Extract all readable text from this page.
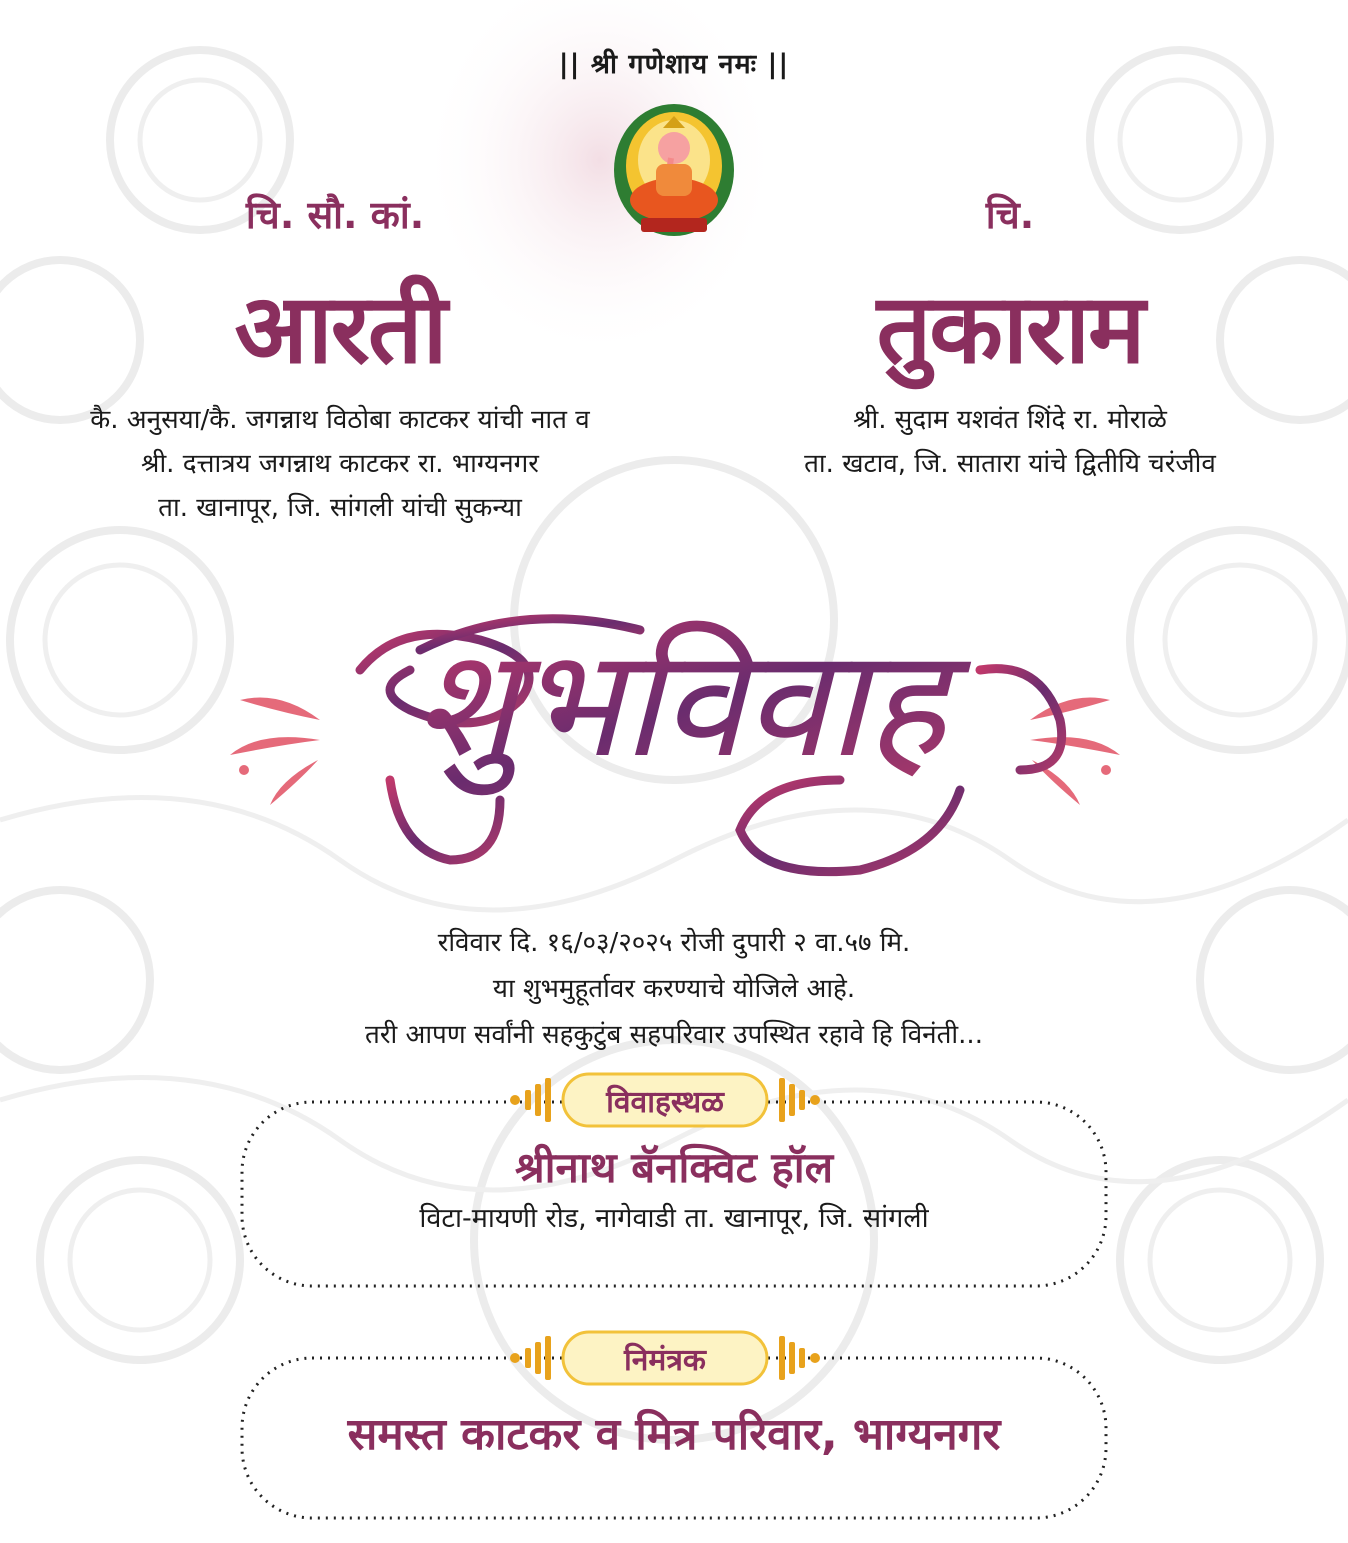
|| श्री गणेशाय नमः ||
चि. सौ. कां.	चि.
आरती	तुकाराम
कै. अनुसया/कै. जगन्नाथ विठोबा काटकर यांची नात व
श्री. दत्तात्रय जगन्नाथ काटकर रा. भाग्यनगर
ता. खानापूर, जि. सांगली यांची सुकन्या
श्री. सुदाम यशवंत शिंदे रा. मोराळे
ता. खटाव, जि. सातारा यांचे द्वितीयि चरंजीव
शुभविवाह
रविवार दि. १६/०३/२०२५ रोजी दुपारी २ वा.५७ मि.
या शुभमुहूर्तावर करण्याचे योजिले आहे.
तरी आपण सर्वांनी सहकुटुंब सहपरिवार उपस्थित रहावे हि विनंती...
विवाहस्थळ
श्रीनाथ बॅनक्विट हॉल
विटा-मायणी रोड, नागेवाडी ता. खानापूर, जि. सांगली
निमंत्रक
समस्त काटकर व मित्र परिवार, भाग्यनगर
